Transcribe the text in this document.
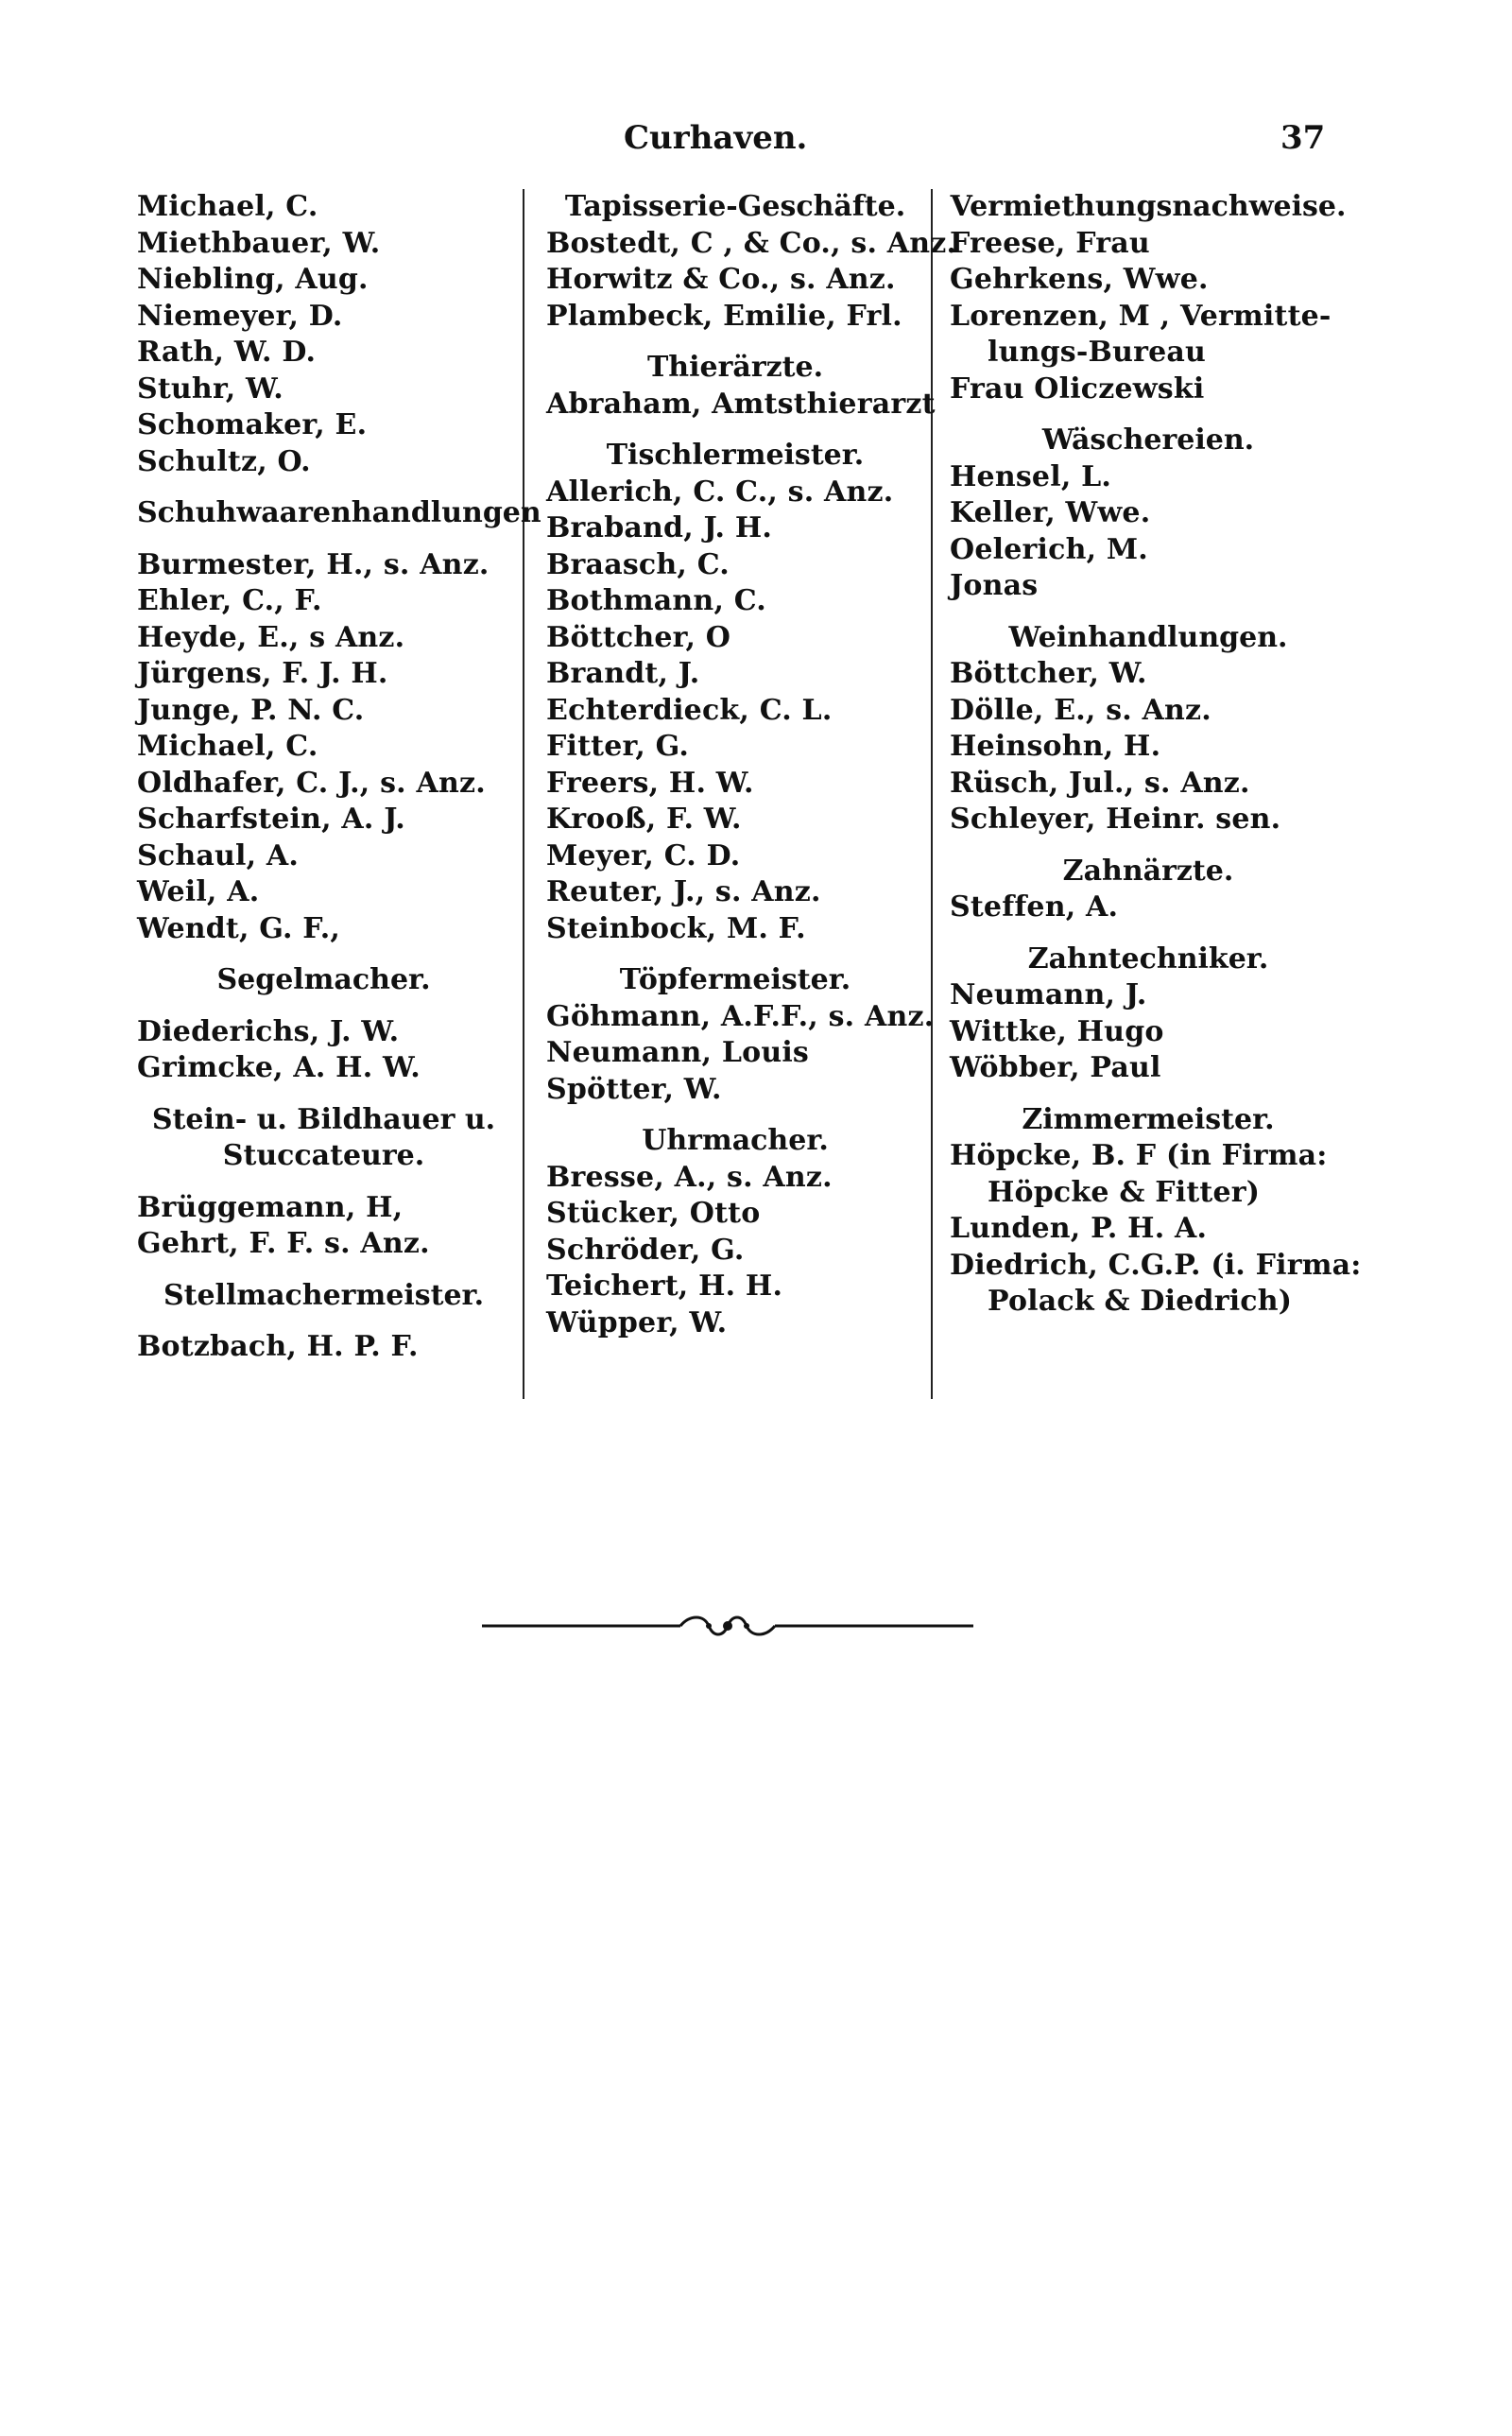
Curhaven.	37
Michael, C.
Miethbauer, W.
Niebling, Aug.
Niemeyer, D.
Rath, W. D.
Stuhr, W.
Schomaker, E.
Schultz, O.
Schuhwaarenhandlungen
Burmester, H., s. Anz.
Ehler, C., F.
Heyde, E., s Anz.
Jürgens, F. J. H.
Junge, P. N. C.
Michael, C.
Oldhafer, C. J., s. Anz.
Scharfstein, A. J.
Schaul, A.
Weil, A.
Wendt, G. F.,
Segelmacher.
Diederichs, J. W.
Grimcke, A. H. W.
Stein- u. Bildhauer u.
Stuccateure.
Brüggemann, H,
Gehrt, F. F. s. Anz.
Stellmachermeister.
Botzbach, H. P. F.
Tapisserie-Geschäfte.
Bostedt, C , & Co., s. Anz.
Horwitz & Co., s. Anz.
Plambeck, Emilie, Frl.
Thierärzte.
Abraham, Amtsthierarzt
Tischlermeister.
Allerich, C. C., s. Anz.
Braband, J. H.
Braasch, C.
Bothmann, C.
Böttcher, O
Brandt, J.
Echterdieck, C. L.
Fitter, G.
Freers, H. W.
Krooß, F. W.
Meyer, C. D.
Reuter, J., s. Anz.
Steinbock, M. F.
Töpfermeister.
Göhmann, A.F.F., s. Anz.
Neumann, Louis
Spötter, W.
Uhrmacher.
Bresse, A., s. Anz.
Stücker, Otto
Schröder, G.
Teichert, H. H.
Wüpper, W.
Vermiethungsnachweise.
Freese, Frau
Gehrkens, Wwe.
Lorenzen, M , Vermitte-
lungs-Bureau
Frau Oliczewski
Wäschereien.
Hensel, L.
Keller, Wwe.
Oelerich, M.
Jonas
Weinhandlungen.
Böttcher, W.
Dölle, E., s. Anz.
Heinsohn, H.
Rüsch, Jul., s. Anz.
Schleyer, Heinr. sen.
Zahnärzte.
Steffen, A.
Zahntechniker.
Neumann, J.
Wittke, Hugo
Wöbber, Paul
Zimmermeister.
Höpcke, B. F (in Firma:
Höpcke & Fitter)
Lunden, P. H. A.
Diedrich, C.G.P. (i. Firma:
Polack & Diedrich)
